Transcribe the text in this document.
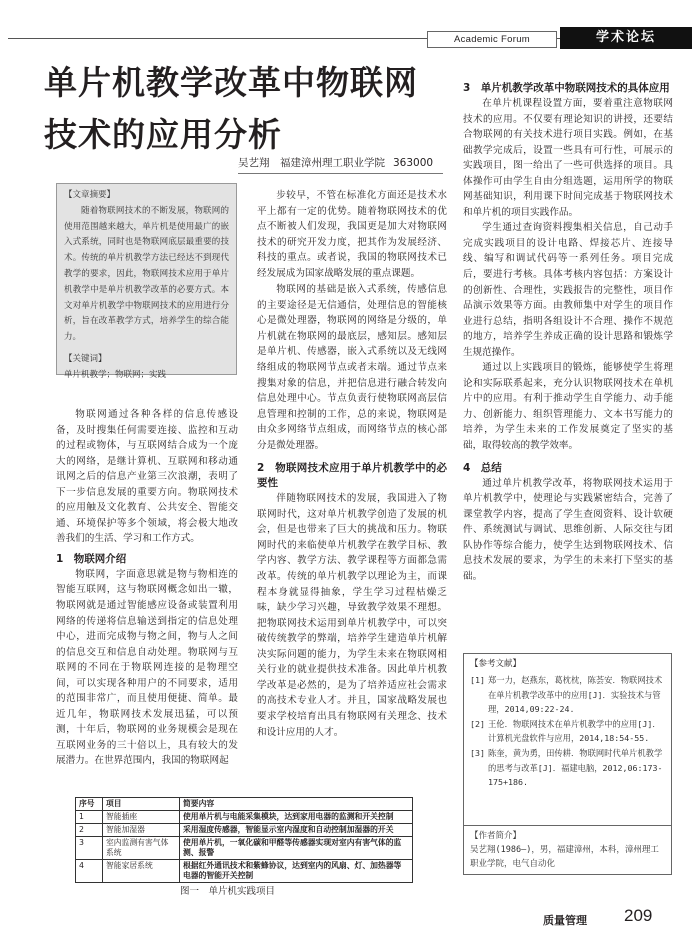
Academic Forum	学术论坛
单片机教学改革中物联网
技术的应用分析
吴艺翔　福建漳州理工职业学院 363000
【文章摘要】
随着物联网技术的不断发展，物联网的使用范围越来越大，单片机是使用最广的嵌入式系统，同时也是物联网底层最重要的技术。传统的单片机教学方法已经达不到现代教学的要求，因此，物联网技术应用于单片机教学中是单片机教学改革的必要方式。本文对单片机教学中物联网技术的应用进行分析，旨在改革教学方式，培养学生的综合能力。
【关键词】
单片机教学；物联网；实践

物联网通过各种各样的信息传感设备，及时搜集任何需要连接、监控和互动的过程或物体，与互联网结合成为一个庞大的网络，是继计算机、互联网和移动通讯网之后的信息产业第三次浪潮，表明了下一步信息发展的重要方向。物联网技术的应用触及文化教育、公共安全、智能交通、环境保护等多个领域，将会极大地改善我们的生活、学习和工作方式。

1　物联网介绍

物联网，字面意思就是物与物相连的智能互联网，这与物联网概念如出一辙，物联网就是通过智能感应设备或装置利用网络的传递将信息输送到指定的信息处理中心，进而完成物与物之间，物与人之间的信息交互和信息自动处理。物联网与互联网的不同在于物联网连接的是物理空间，可以实现各种用户的不同要求，适用的范围非常广，而且使用便捷、简单。最近几年，物联网技术发展迅猛，可以预测，十年后，物联网的业务规模会是现在互联网业务的三十倍以上，具有较大的发展潜力。在世界范围内，我国的物联网起

步较早，不管在标准化方面还是技术水平上都有一定的优势。随着物联网技术的优点不断被人们发现，我国更是加大对物联网技术的研究开发力度，把其作为发展经济、科技的重点。或者说，我国的物联网技术已经发展成为国家战略发展的重点课题。

物联网的基础是嵌入式系统，传感信息的主要途径是无信通信，处理信息的智能核心是微处理器，物联网的网络是分级的，单片机就在物联网的最底层，感知层。感知层是单片机、传感器，嵌入式系统以及无线网络组成的物联网节点或者末端。通过节点来搜集对象的信息，并把信息进行融合转发向信息处理中心。节点负责行使物联网高层信息管理和控制的工作，总的来说，物联网是由众多网络节点组成，而网络节点的核心部分是微处理器。

2　物联网技术应用于单片机教学中的必要性

伴随物联网技术的发展，我国进入了物联网时代，这对单片机教学创造了发展的机会，但是也带来了巨大的挑战和压力。物联网时代的来临使单片机教学在教学目标、教学内容、教学方法、教学课程等方面都急需改革。传统的单片机教学以理论为主，而课程本身就显得抽象，学生学习过程枯燥乏味，缺少学习兴趣，导致教学效果不理想。把物联网技术运用到单片机教学中，可以突破传统教学的弊端，培养学生建造单片机解决实际问题的能力，为学生未来在物联网相关行业的就业提供技术准备。因此单片机教学改革是必然的，是为了培养适应社会需求的高技术专业人才。并且，国家战略发展也要求学校培育出具有物联网有关理念、技术和设计应用的人才。

3　单片机教学改革中物联网技术的具体应用

在单片机课程设置方面，要着重注意物联网技术的应用。不仅要有理论知识的讲授，还要结合物联网的有关技术进行项目实践。例如，在基础教学完成后，设置一些具有可行性，可展示的实践项目，图一给出了一些可供选择的项目。具体操作可由学生自由分组选题，运用所学的物联网基础知识，利用课下时间完成基于物联网技术和单片机的项目实践作品。

学生通过查询资料搜集相关信息，自己动手完成实践项目的设计电路、焊接芯片、连接导线、编写和调试代码等一系列任务。项目完成后，要进行考核。具体考核内容包括：方案设计的创新性、合理性，实践报告的完整性，项目作品演示效果等方面。由教师集中对学生的项目作业进行总结，指明各组设计不合理、操作不规范的地方，培养学生养成正确的设计思路和锻炼学生规范操作。

通过以上实践项目的锻炼，能够使学生将理论和实际联系起来，充分认识物联网技术在单机片中的应用。有利于推动学生自学能力、动手能力、创新能力、组织管理能力、文本书写能力的培养，为学生未来的工作发展奠定了坚实的基础，取得较高的教学效率。

4　总结

通过单片机教学改革，将物联网技术运用于单片机教学中，使理论与实践紧密结合，完善了课堂教学内容，提高了学生查阅资料、设计软硬件、系统测试与调试、思维创新、人际交往与团队协作等综合能力，使学生达到物联网技术、信息技术发展的要求，为学生的未来打下坚实的基础。

【参考文献】
[1] 郑一力，赵燕东，葛枕枕，陈荟安．物联网技术在单片机教学改革中的应用[J]．实验技术与管理，2014,09:22-24.
[2] 王伦．物联网技术在单片机教学中的应用[J]．计算机光盘软件与应用，2014,18:54-55.
[3] 陈奎，黄为勇，田传耕．物联网时代单片机教学的思考与改革[J]．福建电脑，2012,06:173-175+186.
【作者简介】
吴艺翔(1986—)，男，福建漳州，本科，漳州理工职业学院，电气自动化
序号	项目	简要内容
1	智能插座	使用单片机与电能采集模块，达到家用电器的监测和开关控制
2	智能加湿器	采用湿度传感器，智能显示室内湿度和自动控制加湿器的开关
3	室内监测有害气体系统	使用单片机，一氧化碳和甲醛等传感器实现对室内有害气体的监测、报警
4	智能家居系统	根据红外通讯技术和紫蜂协议，达到室内的风扇、灯、加热器等电器的智能开关控制
图一　单片机实践项目
质量管理 209
